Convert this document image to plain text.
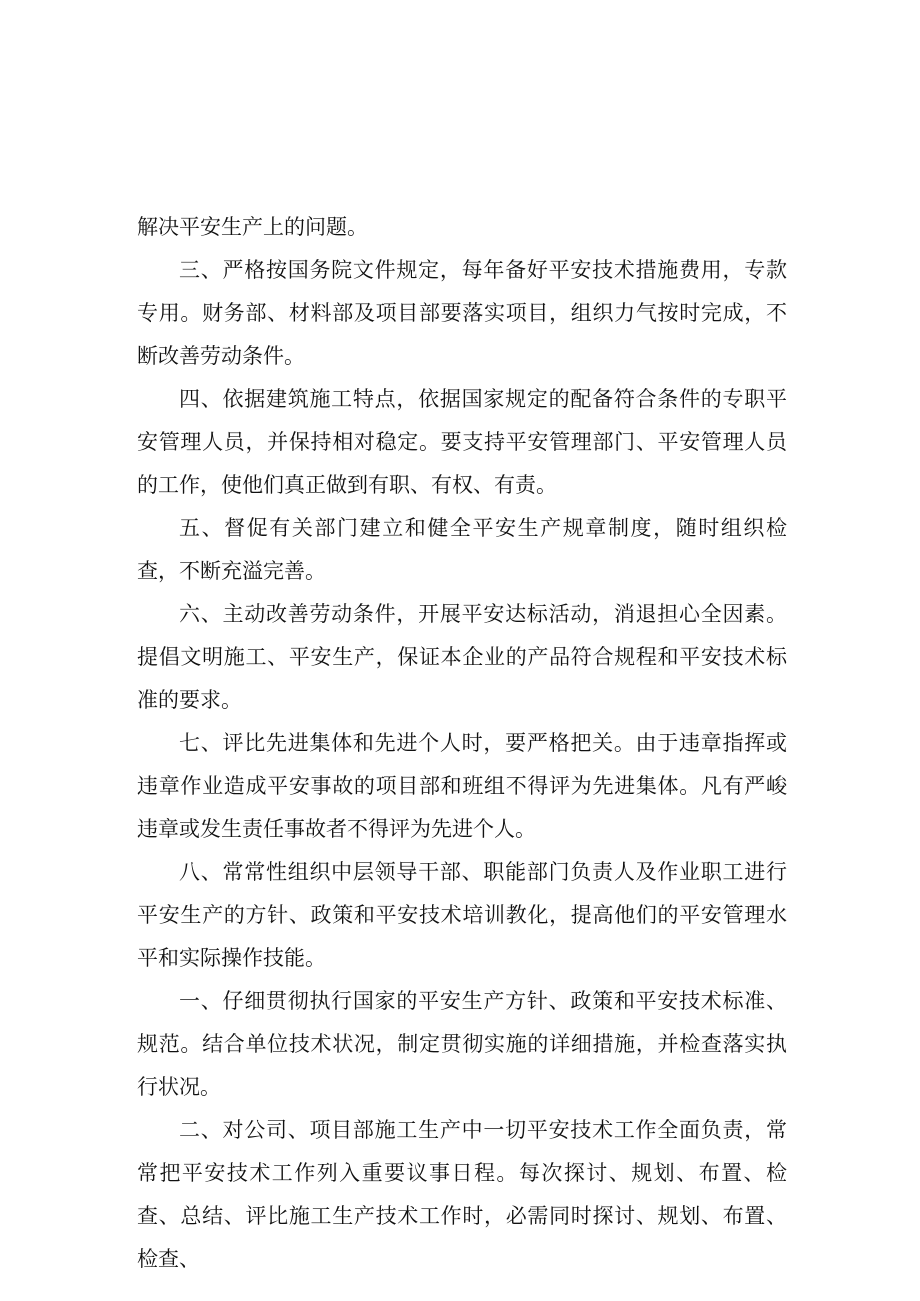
解决平安生产上的问题。

三、严格按国务院文件规定，每年备好平安技术措施费用，专款专用。财务部、材料部及项目部要落实项目，组织力气按时完成，不断改善劳动条件。

四、依据建筑施工特点，依据国家规定的配备符合条件的专职平安管理人员，并保持相对稳定。要支持平安管理部门、平安管理人员的工作，使他们真正做到有职、有权、有责。

五、督促有关部门建立和健全平安生产规章制度，随时组织检查，不断充溢完善。

六、主动改善劳动条件，开展平安达标活动，消退担心全因素。提倡文明施工、平安生产，保证本企业的产品符合规程和平安技术标准的要求。

七、评比先进集体和先进个人时，要严格把关。由于违章指挥或违章作业造成平安事故的项目部和班组不得评为先进集体。凡有严峻违章或发生责任事故者不得评为先进个人。

八、常常性组织中层领导干部、职能部门负责人及作业职工进行平安生产的方针、政策和平安技术培训教化，提高他们的平安管理水平和实际操作技能。

一、仔细贯彻执行国家的平安生产方针、政策和平安技术标准、规范。结合单位技术状况，制定贯彻实施的详细措施，并检查落实执行状况。

二、对公司、项目部施工生产中一切平安技术工作全面负责，常常把平安技术工作列入重要议事日程。每次探讨、规划、布置、检查、总结、评比施工生产技术工作时，必需同时探讨、规划、布置、检查、
